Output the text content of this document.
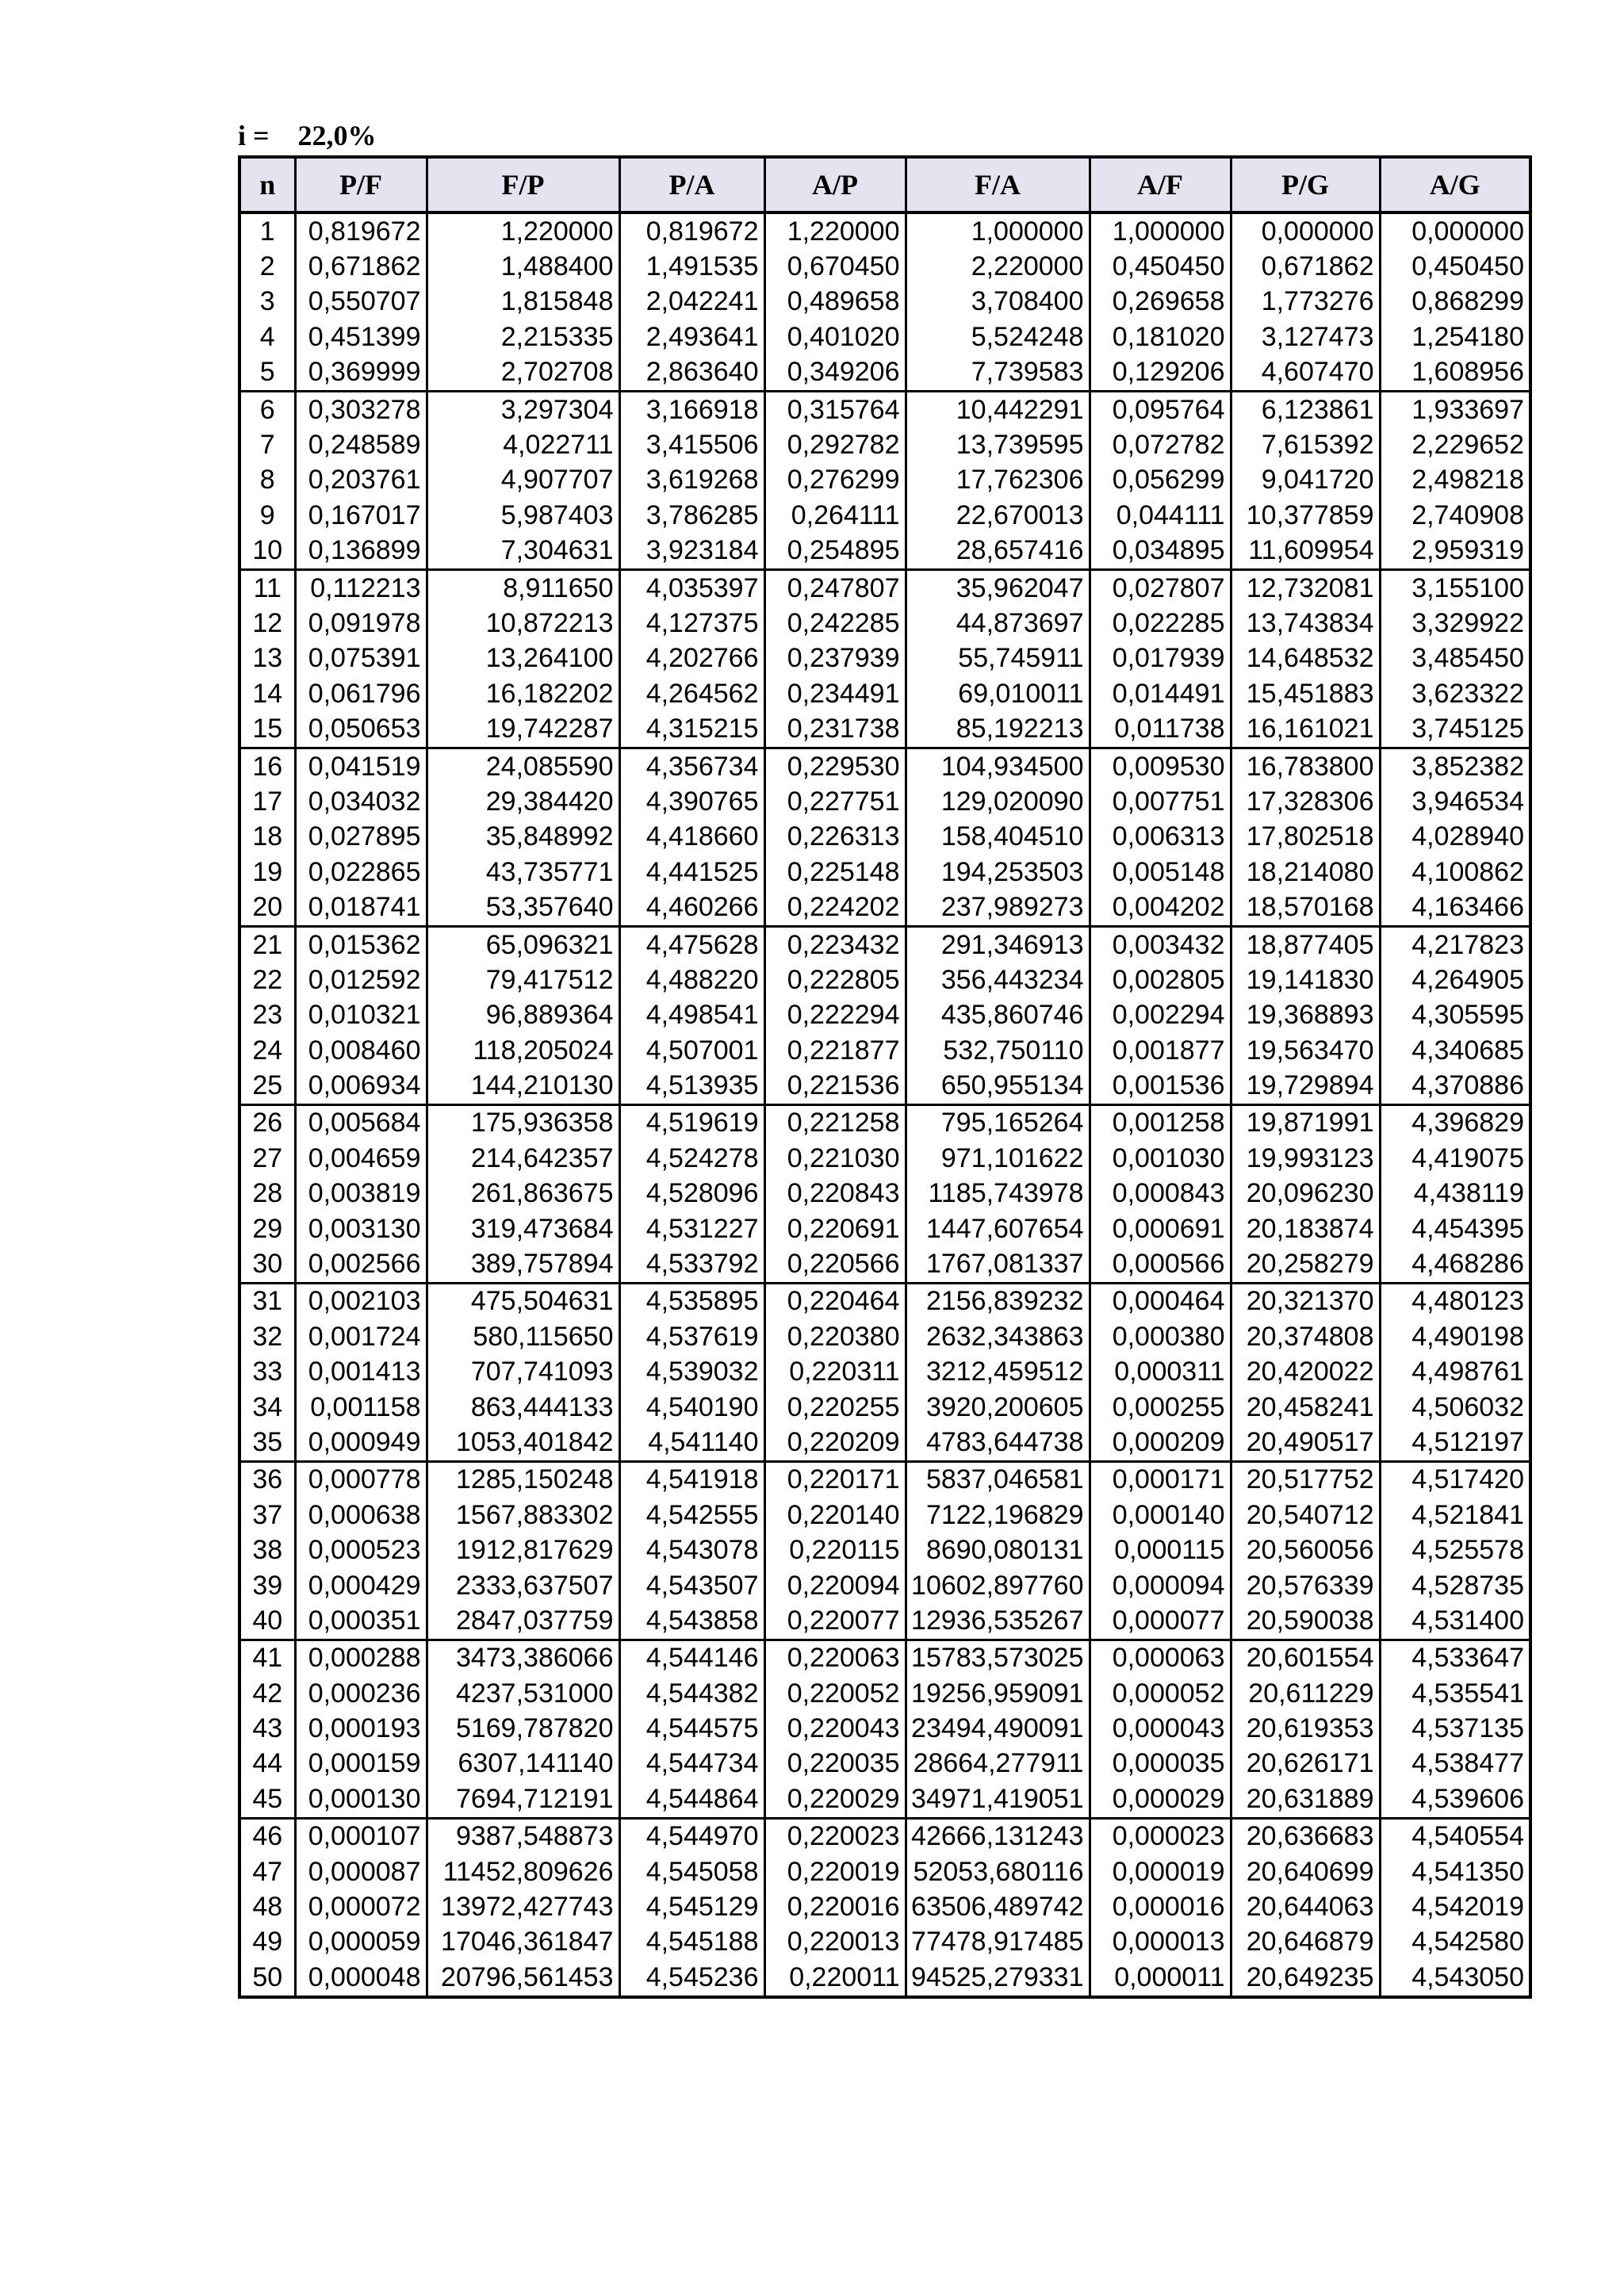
i = 22,0%
n	P/F	F/P	P/A	A/P	F/A	A/F	P/G	A/G
1	0,819672	1,220000	0,819672	1,220000	1,000000	1,000000	0,000000	0,000000
2	0,671862	1,488400	1,491535	0,670450	2,220000	0,450450	0,671862	0,450450
3	0,550707	1,815848	2,042241	0,489658	3,708400	0,269658	1,773276	0,868299
4	0,451399	2,215335	2,493641	0,401020	5,524248	0,181020	3,127473	1,254180
5	0,369999	2,702708	2,863640	0,349206	7,739583	0,129206	4,607470	1,608956
6	0,303278	3,297304	3,166918	0,315764	10,442291	0,095764	6,123861	1,933697
7	0,248589	4,022711	3,415506	0,292782	13,739595	0,072782	7,615392	2,229652
8	0,203761	4,907707	3,619268	0,276299	17,762306	0,056299	9,041720	2,498218
9	0,167017	5,987403	3,786285	0,264111	22,670013	0,044111	10,377859	2,740908
10	0,136899	7,304631	3,923184	0,254895	28,657416	0,034895	11,609954	2,959319
11	0,112213	8,911650	4,035397	0,247807	35,962047	0,027807	12,732081	3,155100
12	0,091978	10,872213	4,127375	0,242285	44,873697	0,022285	13,743834	3,329922
13	0,075391	13,264100	4,202766	0,237939	55,745911	0,017939	14,648532	3,485450
14	0,061796	16,182202	4,264562	0,234491	69,010011	0,014491	15,451883	3,623322
15	0,050653	19,742287	4,315215	0,231738	85,192213	0,011738	16,161021	3,745125
16	0,041519	24,085590	4,356734	0,229530	104,934500	0,009530	16,783800	3,852382
17	0,034032	29,384420	4,390765	0,227751	129,020090	0,007751	17,328306	3,946534
18	0,027895	35,848992	4,418660	0,226313	158,404510	0,006313	17,802518	4,028940
19	0,022865	43,735771	4,441525	0,225148	194,253503	0,005148	18,214080	4,100862
20	0,018741	53,357640	4,460266	0,224202	237,989273	0,004202	18,570168	4,163466
21	0,015362	65,096321	4,475628	0,223432	291,346913	0,003432	18,877405	4,217823
22	0,012592	79,417512	4,488220	0,222805	356,443234	0,002805	19,141830	4,264905
23	0,010321	96,889364	4,498541	0,222294	435,860746	0,002294	19,368893	4,305595
24	0,008460	118,205024	4,507001	0,221877	532,750110	0,001877	19,563470	4,340685
25	0,006934	144,210130	4,513935	0,221536	650,955134	0,001536	19,729894	4,370886
26	0,005684	175,936358	4,519619	0,221258	795,165264	0,001258	19,871991	4,396829
27	0,004659	214,642357	4,524278	0,221030	971,101622	0,001030	19,993123	4,419075
28	0,003819	261,863675	4,528096	0,220843	1185,743978	0,000843	20,096230	4,438119
29	0,003130	319,473684	4,531227	0,220691	1447,607654	0,000691	20,183874	4,454395
30	0,002566	389,757894	4,533792	0,220566	1767,081337	0,000566	20,258279	4,468286
31	0,002103	475,504631	4,535895	0,220464	2156,839232	0,000464	20,321370	4,480123
32	0,001724	580,115650	4,537619	0,220380	2632,343863	0,000380	20,374808	4,490198
33	0,001413	707,741093	4,539032	0,220311	3212,459512	0,000311	20,420022	4,498761
34	0,001158	863,444133	4,540190	0,220255	3920,200605	0,000255	20,458241	4,506032
35	0,000949	1053,401842	4,541140	0,220209	4783,644738	0,000209	20,490517	4,512197
36	0,000778	1285,150248	4,541918	0,220171	5837,046581	0,000171	20,517752	4,517420
37	0,000638	1567,883302	4,542555	0,220140	7122,196829	0,000140	20,540712	4,521841
38	0,000523	1912,817629	4,543078	0,220115	8690,080131	0,000115	20,560056	4,525578
39	0,000429	2333,637507	4,543507	0,220094	10602,897760	0,000094	20,576339	4,528735
40	0,000351	2847,037759	4,543858	0,220077	12936,535267	0,000077	20,590038	4,531400
41	0,000288	3473,386066	4,544146	0,220063	15783,573025	0,000063	20,601554	4,533647
42	0,000236	4237,531000	4,544382	0,220052	19256,959091	0,000052	20,611229	4,535541
43	0,000193	5169,787820	4,544575	0,220043	23494,490091	0,000043	20,619353	4,537135
44	0,000159	6307,141140	4,544734	0,220035	28664,277911	0,000035	20,626171	4,538477
45	0,000130	7694,712191	4,544864	0,220029	34971,419051	0,000029	20,631889	4,539606
46	0,000107	9387,548873	4,544970	0,220023	42666,131243	0,000023	20,636683	4,540554
47	0,000087	11452,809626	4,545058	0,220019	52053,680116	0,000019	20,640699	4,541350
48	0,000072	13972,427743	4,545129	0,220016	63506,489742	0,000016	20,644063	4,542019
49	0,000059	17046,361847	4,545188	0,220013	77478,917485	0,000013	20,646879	4,542580
50	0,000048	20796,561453	4,545236	0,220011	94525,279331	0,000011	20,649235	4,543050
